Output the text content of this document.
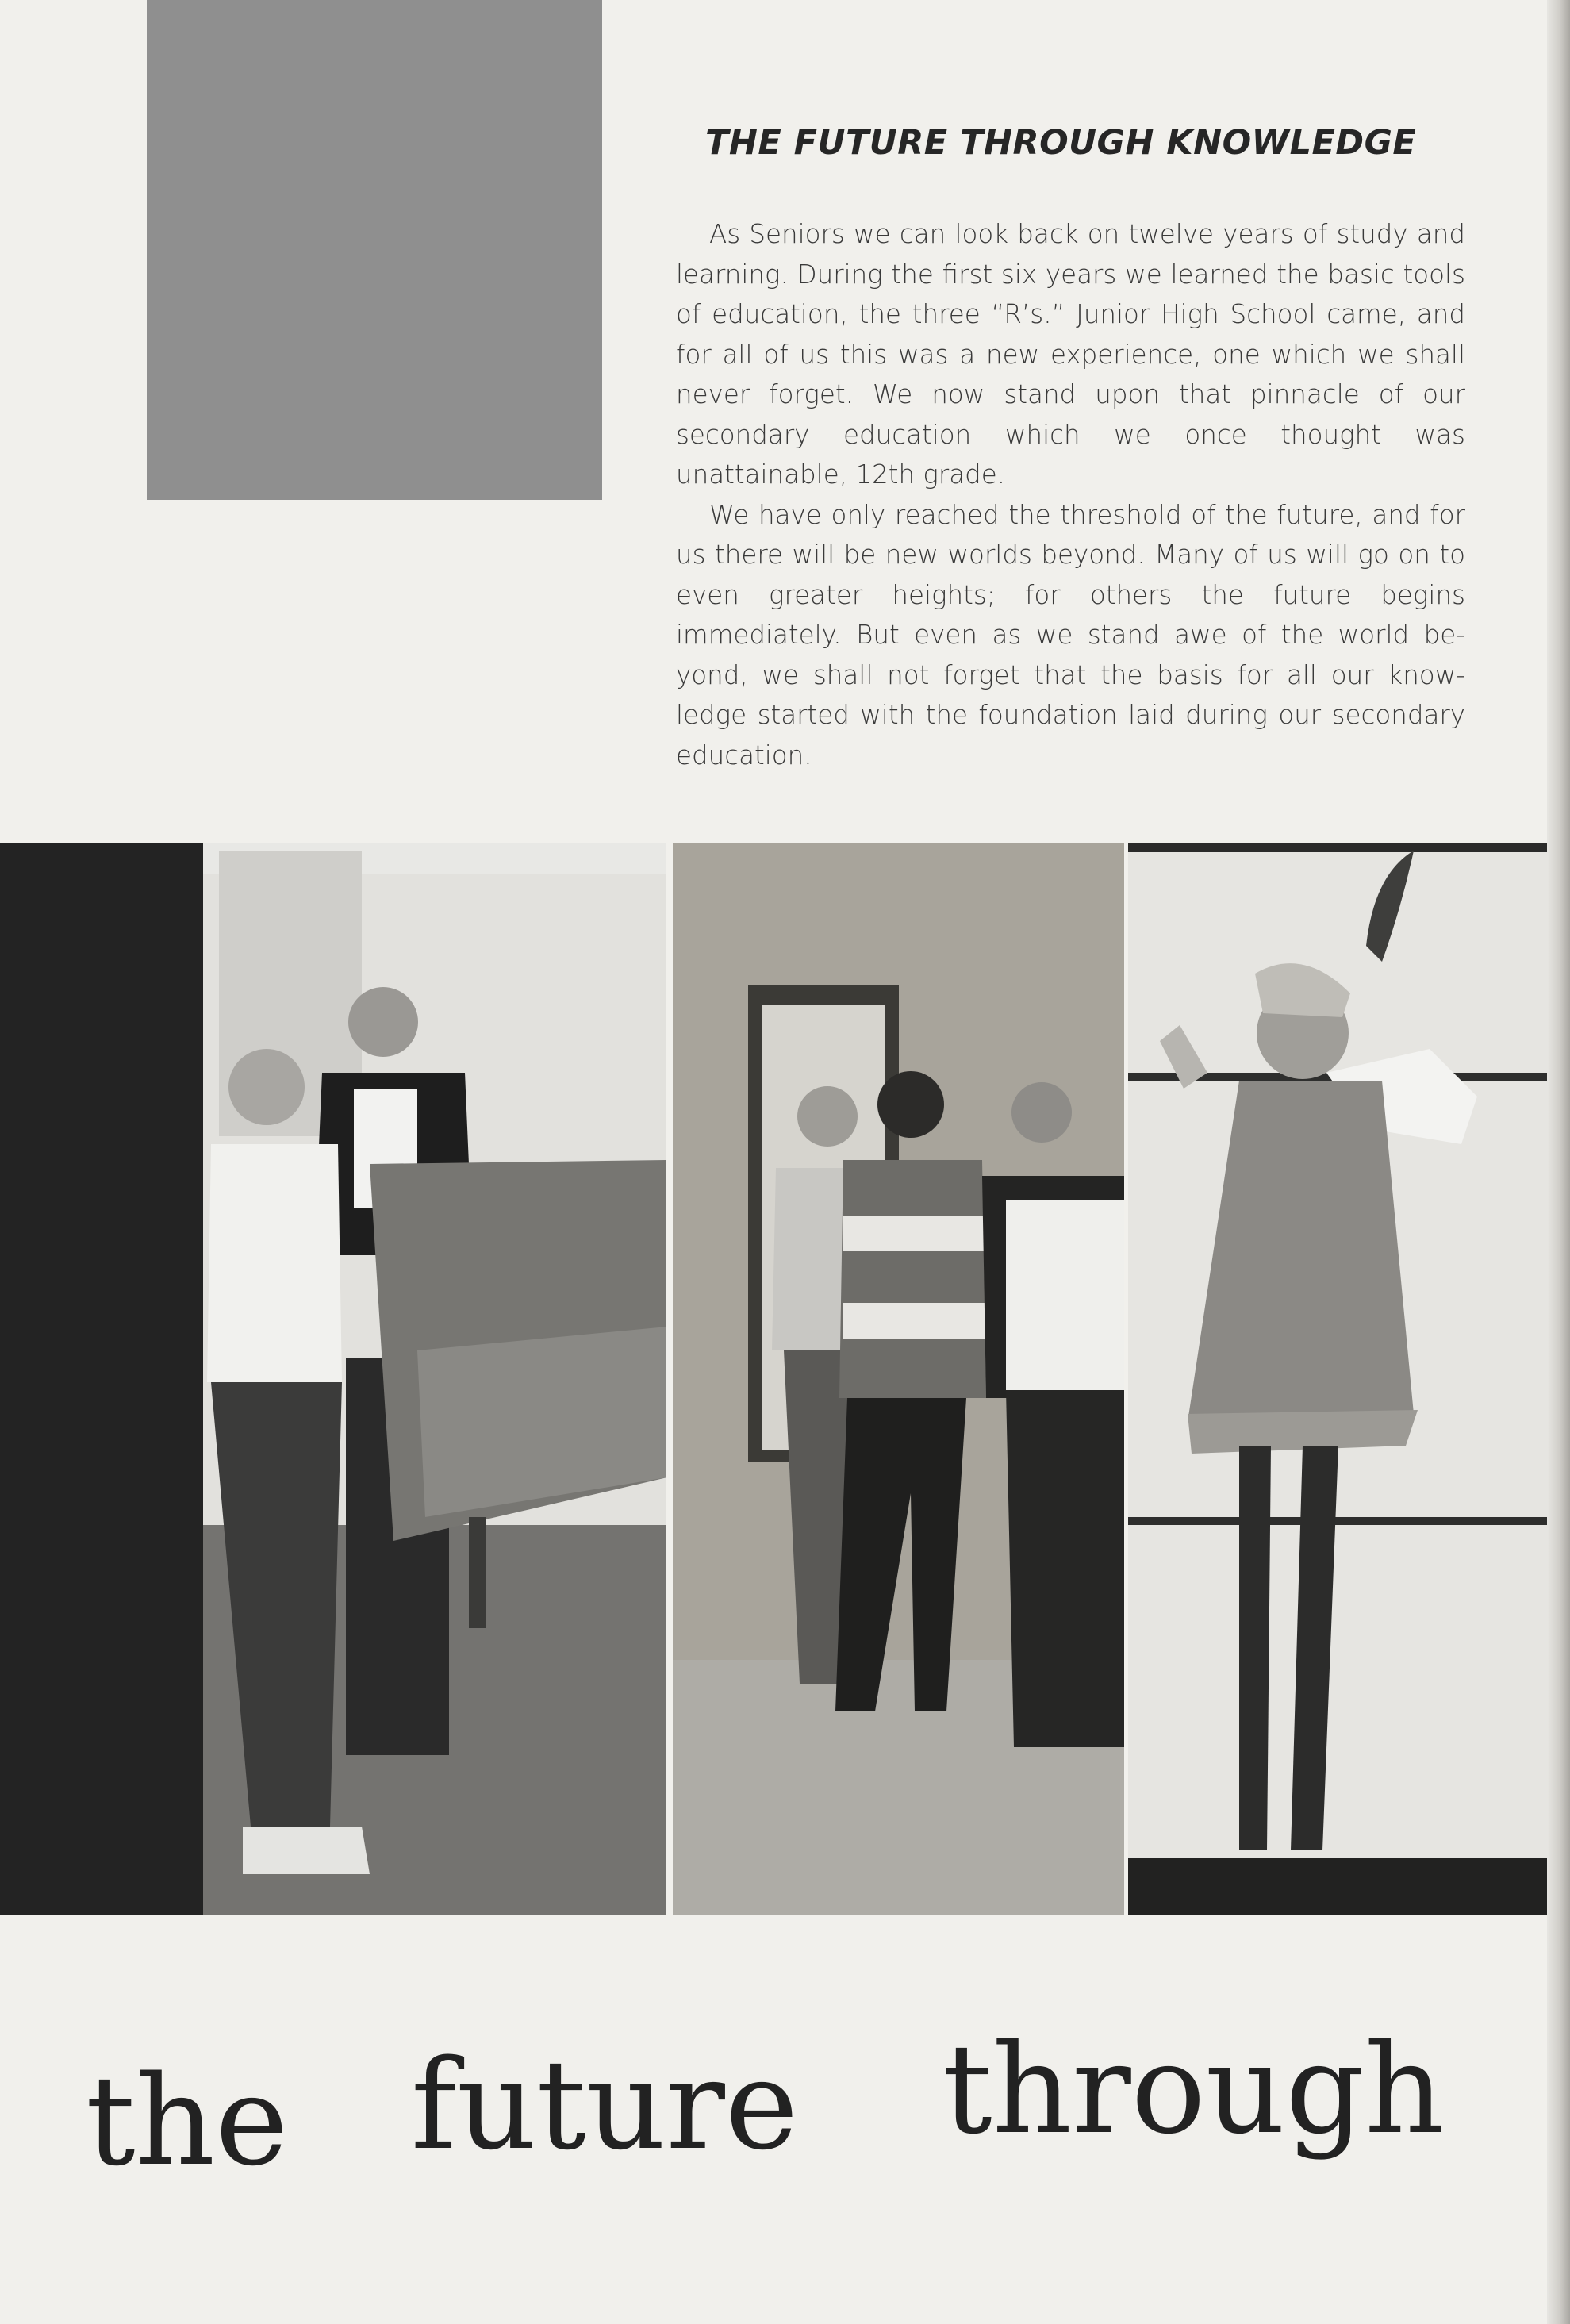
THE FUTURE THROUGH KNOWLEDGE

As Seniors we can look back on twelve years of study and learning. During the first six years we learned the basic tools of education, the three “R’s.” Junior High School came, and for all of us this was a new experience, one which we shall never forget. We now stand upon that pinnacle of our secondary education which we once thought was unattainable, 12th grade.

We have only reached the threshold of the future, and for us there will be new worlds beyond. Many of us will go on to even greater heights; for others the future begins immediately. But even as we stand awe of the world be-yond, we shall not forget that the basis for all our know-ledge started with the foundation laid during our secondary education.

the future through
